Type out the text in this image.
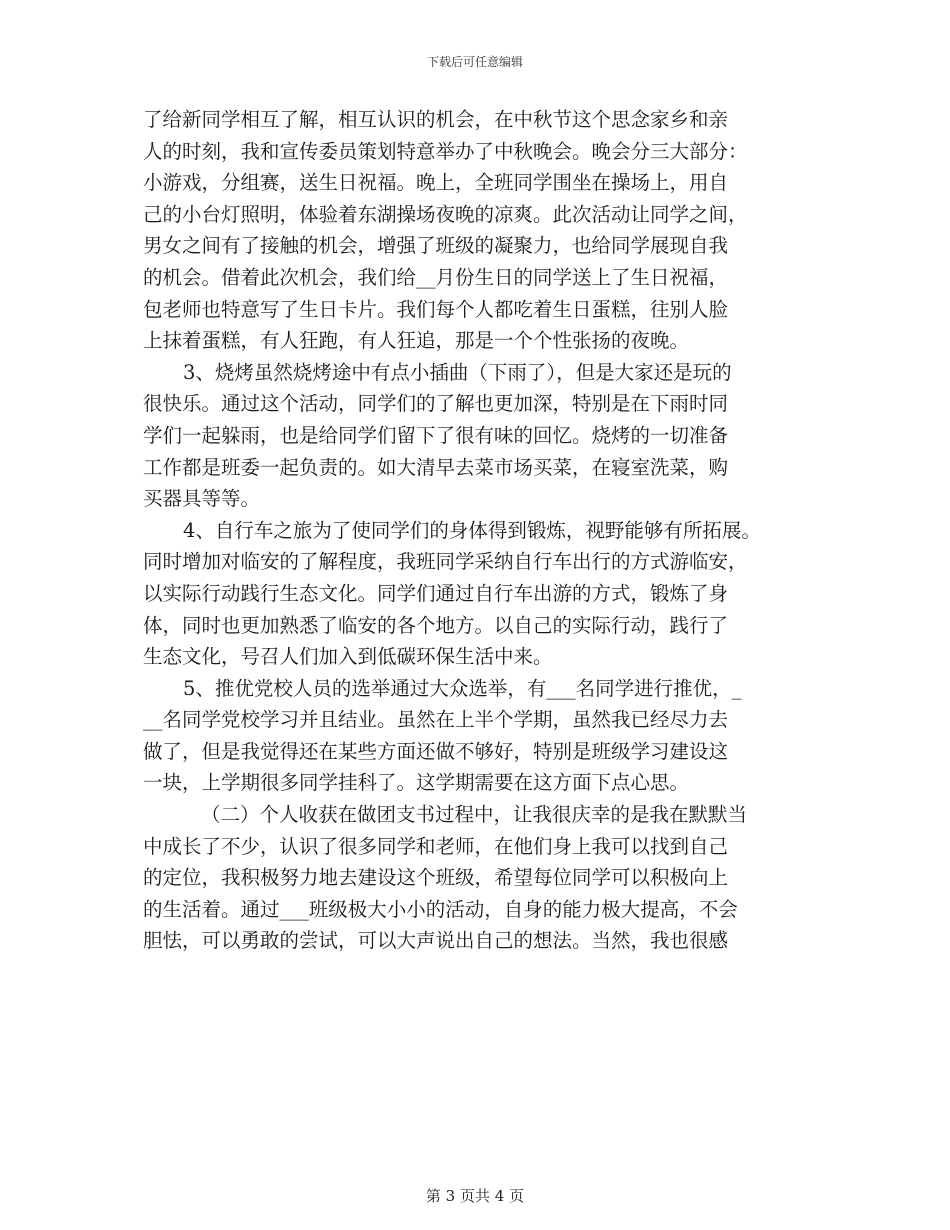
下载后可任意编辑
了给新同学相互了解，相互认识的机会，在中秋节这个思念家乡和亲
人的时刻，我和宣传委员策划特意举办了中秋晚会。晚会分三大部分：
小游戏，分组赛，送生日祝福。晚上，全班同学围坐在操场上，用自
己的小台灯照明，体验着东湖操场夜晚的凉爽。此次活动让同学之间，
男女之间有了接触的机会，增强了班级的凝聚力，也给同学展现自我
的机会。借着此次机会，我们给__月份生日的同学送上了生日祝福，
包老师也特意写了生日卡片。我们每个人都吃着生日蛋糕，往别人脸
上抹着蛋糕，有人狂跑，有人狂追，那是一个个性张扬的夜晚。
3、烧烤虽然烧烤途中有点小插曲（下雨了），但是大家还是玩的
很快乐。通过这个活动，同学们的了解也更加深，特别是在下雨时同
学们一起躲雨，也是给同学们留下了很有味的回忆。烧烤的一切准备
工作都是班委一起负责的。如大清早去菜市场买菜，在寝室洗菜，购
买器具等等。
4、自行车之旅为了使同学们的身体得到锻炼，视野能够有所拓展。
同时增加对临安的了解程度，我班同学采纳自行车出行的方式游临安，
以实际行动践行生态文化。同学们通过自行车出游的方式，锻炼了身
体，同时也更加熟悉了临安的各个地方。以自己的实际行动，践行了
生态文化，号召人们加入到低碳环保生活中来。
5、推优党校人员的选举通过大众选举，有___名同学进行推优，_
__名同学党校学习并且结业。虽然在上半个学期，虽然我已经尽力去
做了，但是我觉得还在某些方面还做不够好，特别是班级学习建设这
一块，上学期很多同学挂科了。这学期需要在这方面下点心思。
（二）个人收获在做团支书过程中，让我很庆幸的是我在默默当
中成长了不少，认识了很多同学和老师，在他们身上我可以找到自己
的定位，我积极努力地去建设这个班级，希望每位同学可以积极向上
的生活着。通过___班级极大小小的活动，自身的能力极大提高，不会
胆怯，可以勇敢的尝试，可以大声说出自己的想法。当然，我也很感
第 3 页共 4 页
